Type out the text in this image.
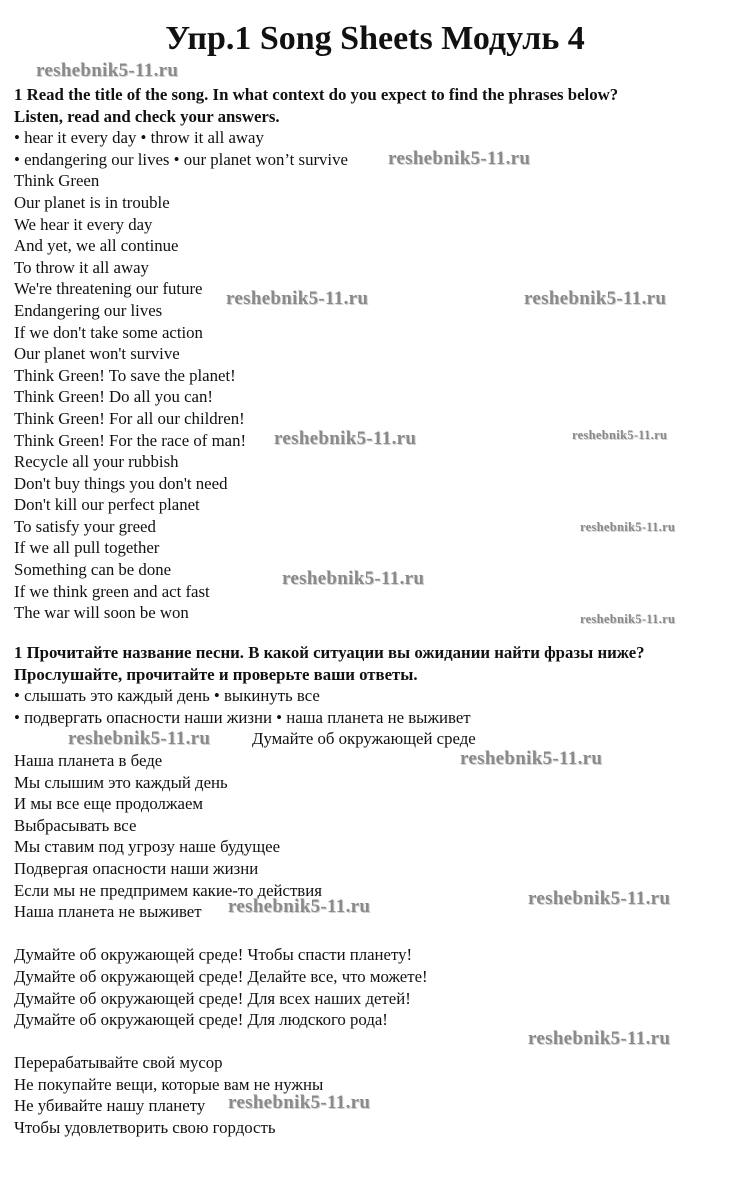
Упр.1 Song Sheets Модуль 4
1 Read the title of the song. In what context do you expect to find the phrases below?
Listen, read and check your answers.
• hear it every day • throw it all away
• endangering our lives • our planet won’t survive
Think Green
Our planet is in trouble
We hear it every day
And yet, we all continue
To throw it all away
We're threatening our future
Endangering our lives
If we don't take some action
Our planet won't survive
Think Green! To save the planet!
Think Green! Do all you can!
Think Green! For all our children!
Think Green! For the race of man!
Recycle all your rubbish
Don't buy things you don't need
Don't kill our perfect planet
To satisfy your greed
If we all pull together
Something can be done
If we think green and act fast
The war will soon be won
1 Прочитайте название песни. В какой ситуации вы ожидании найти фразы ниже?
Прослушайте, прочитайте и проверьте ваши ответы.
• слышать это каждый день • выкинуть все
• подвергать опасности наши жизни • наша планета не выживет
Думайте об окружающей среде
Наша планета в беде
Мы слышим это каждый день
И мы все еще продолжаем
Выбрасывать все
Мы ставим под угрозу наше будущее
Подвергая опасности наши жизни
Если мы не предпримем какие-то действия
Наша планета не выживет
Думайте об окружающей среде! Чтобы спасти планету!
Думайте об окружающей среде! Делайте все, что можете!
Думайте об окружающей среде! Для всех наших детей!
Думайте об окружающей среде! Для людского рода!
Перерабатывайте свой мусор
Не покупайте вещи, которые вам не нужны
Не убивайте нашу планету
Чтобы удовлетворить свою гордость
reshebnik5-11.ru
reshebnik5-11.ru
reshebnik5-11.ru	reshebnik5-11.ru
reshebnik5-11.ru	reshebnik5-11.ru
reshebnik5-11.ru
reshebnik5-11.ru
reshebnik5-11.ru
reshebnik5-11.ru
reshebnik5-11.ru
reshebnik5-11.ru
reshebnik5-11.ru
reshebnik5-11.ru
reshebnik5-11.ru
